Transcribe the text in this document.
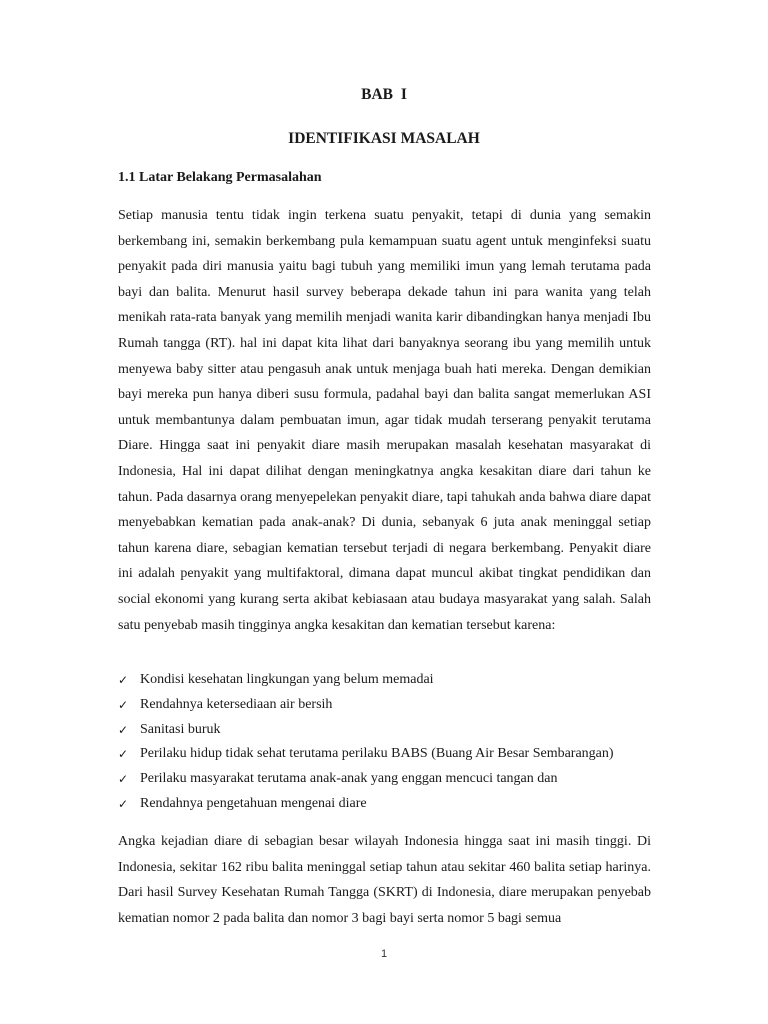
BAB I
IDENTIFIKASI MASALAH
1.1 Latar Belakang Permasalahan
Setiap manusia tentu tidak ingin terkena suatu penyakit, tetapi di dunia yang semakin berkembang ini, semakin berkembang pula kemampuan suatu agent untuk menginfeksi suatu penyakit pada diri manusia yaitu bagi tubuh yang memiliki imun yang lemah terutama pada bayi dan balita. Menurut hasil survey beberapa dekade tahun ini para wanita yang telah menikah rata-rata banyak yang memilih menjadi wanita karir dibandingkan hanya menjadi Ibu Rumah tangga (RT). hal ini dapat kita lihat dari banyaknya seorang ibu yang memilih untuk menyewa baby sitter atau pengasuh anak untuk menjaga buah hati mereka. Dengan demikian bayi mereka pun hanya diberi susu formula, padahal bayi dan balita sangat memerlukan ASI untuk membantunya dalam pembuatan imun, agar tidak mudah terserang penyakit terutama Diare. Hingga saat ini penyakit diare masih merupakan masalah kesehatan masyarakat di Indonesia, Hal ini dapat dilihat dengan meningkatnya angka kesakitan diare dari tahun ke tahun. Pada dasarnya orang menyepelekan penyakit diare, tapi tahukah anda bahwa diare dapat menyebabkan kematian pada anak-anak? Di dunia, sebanyak 6 juta anak meninggal setiap tahun karena diare, sebagian kematian tersebut terjadi di negara berkembang. Penyakit diare ini adalah penyakit yang multifaktoral, dimana dapat muncul akibat tingkat pendidikan dan social ekonomi yang kurang serta akibat kebiasaan atau budaya masyarakat yang salah. Salah satu penyebab masih tingginya angka kesakitan dan kematian tersebut karena:
✓ Kondisi kesehatan lingkungan yang belum memadai
✓ Rendahnya ketersediaan air bersih
✓ Sanitasi buruk
✓ Perilaku hidup tidak sehat terutama perilaku BABS (Buang Air Besar Sembarangan)
✓ Perilaku masyarakat terutama anak-anak yang enggan mencuci tangan dan
✓ Rendahnya pengetahuan mengenai diare
Angka kejadian diare di sebagian besar wilayah Indonesia hingga saat ini masih tinggi. Di Indonesia, sekitar 162 ribu balita meninggal setiap tahun atau sekitar 460 balita setiap harinya. Dari hasil Survey Kesehatan Rumah Tangga (SKRT) di Indonesia, diare merupakan penyebab kematian nomor 2 pada balita dan nomor 3 bagi bayi serta nomor 5 bagi semua
1
